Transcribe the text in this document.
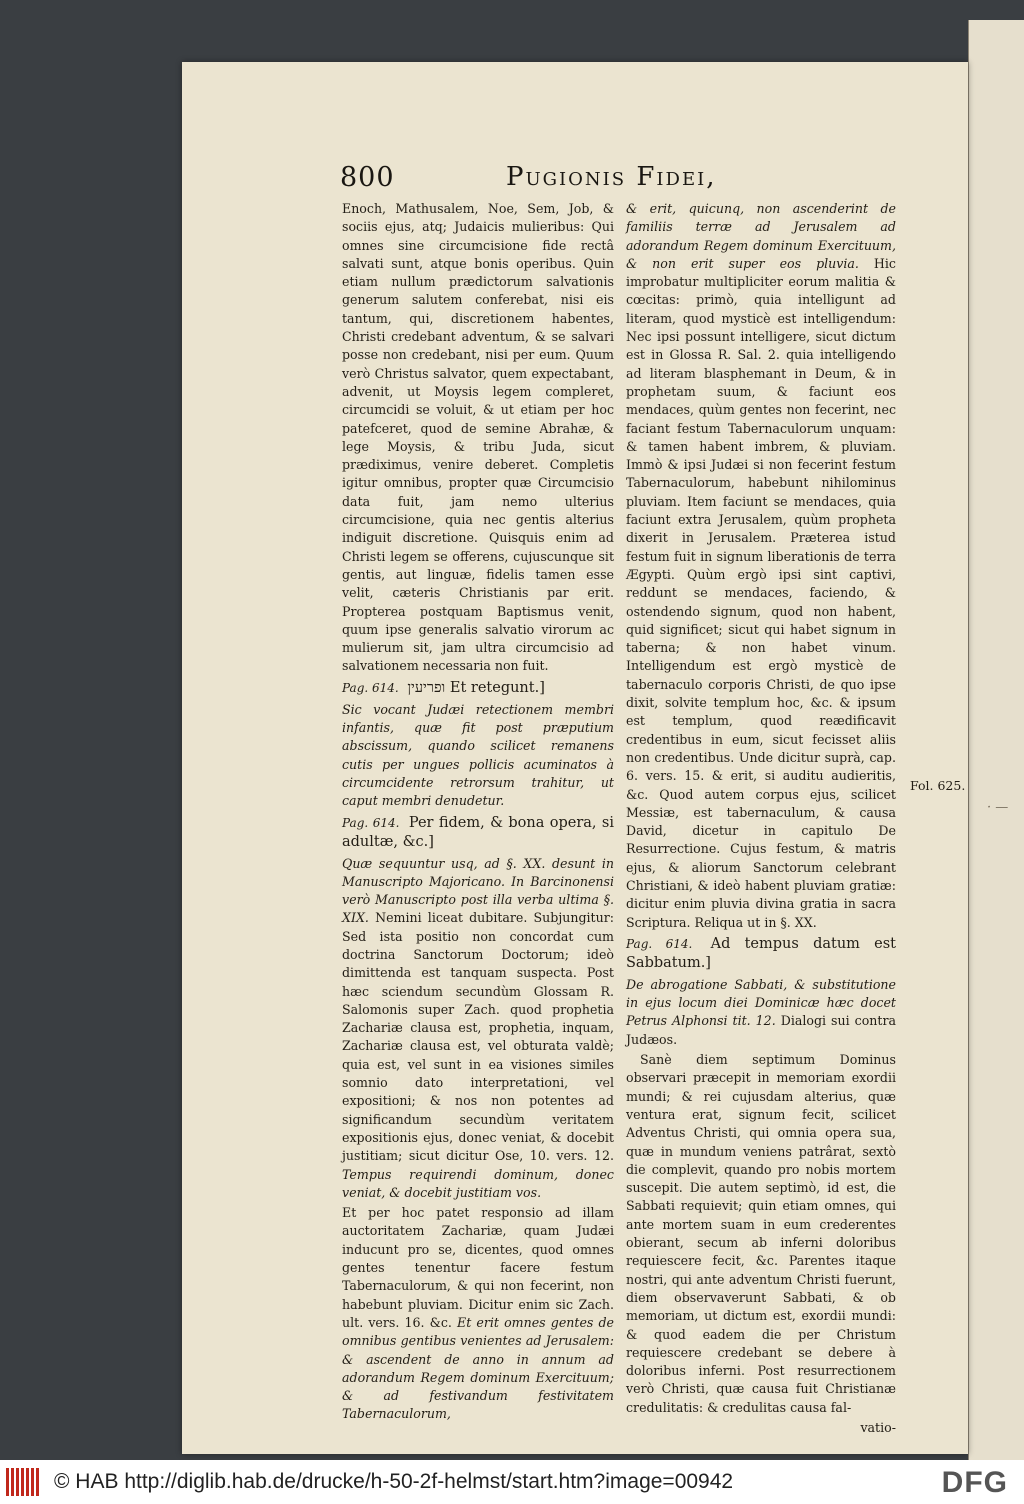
· —
800	Pugionis Fidei,

Enoch, Mathusalem, Noe, Sem, Job, & sociis ejus, atq; Judaicis mulieribus: Qui omnes sine circumcisione fide rectâ salvati sunt, atque bonis operibus. Quin etiam nullum prædictorum salvationis generum salutem conferebat, nisi eis tantum, qui, discretionem habentes, Christi credebant adventum, & se salvari posse non credebant, nisi per eum. Quum verò Christus salvator, quem expectabant, advenit, ut Moysis legem compleret, circumcidi se voluit, & ut etiam per hoc patefceret, quod de semine Abrahæ, & lege Moysis, & tribu Juda, sicut prædiximus, venire deberet. Completis igitur omnibus, propter quæ Circumcisio data fuit, jam nemo ulterius circumcisione, quia nec gentis alterius indiguit discretione. Quisquis enim ad Christi legem se offerens, cujuscunque sit gentis, aut linguæ, fidelis tamen esse velit, cæteris Christianis par erit. Propterea postquam Baptismus venit, quum ipse generalis salvatio virorum ac mulierum sit, jam ultra circumcisio ad salvationem necessaria non fuit.

Pag. 614. ופריעין Et retegunt.]

Sic vocant Judæi retectionem membri infantis, quæ fit post præputium abscissum, quando scilicet remanens cutis per ungues pollicis acuminatos à circumcidente retrorsum trahitur, ut caput membri denudetur.

Pag. 614. Per fidem, & bona opera, si adultæ, &c.]

Quæ sequuntur usq, ad §. XX. desunt in Manuscripto Majoricano. In Barcinonensi verò Manuscripto post illa verba ultima §. XIX. Nemini liceat dubitare. Subjungitur: Sed ista positio non concordat cum doctrina Sanctorum Doctorum; ideò dimittenda est tanquam suspecta. Post hæc sciendum secundùm Glossam R. Salomonis super Zach. quod prophetia Zachariæ clausa est, prophetia, inquam, Zachariæ clausa est, vel obturata valdè; quia est, vel sunt in ea visiones similes somnio dato interpretationi, vel expositioni; & nos non potentes ad significandum secundùm veritatem expositionis ejus, donec veniat, & docebit justitiam; sicut dicitur Ose, 10. vers. 12. Tempus requirendi dominum, donec veniat, & docebit justitiam vos.

Et per hoc patet responsio ad illam auctoritatem Zachariæ, quam Judæi inducunt pro se, dicentes, quod omnes gentes tenentur facere festum Tabernaculorum, & qui non fecerint, non habebunt pluviam. Dicitur enim sic Zach. ult. vers. 16. &c. Et erit omnes gentes de omnibus gentibus venientes ad Jerusalem: & ascendent de anno in annum ad adorandum Regem dominum Exercituum; & ad festivandum festivitatem Tabernaculorum,

& erit, quicunq, non ascenderint de familiis terræ ad Jerusalem ad adorandum Regem dominum Exercituum, & non erit super eos pluvia. Hic improbatur multipliciter eorum malitia & cœcitas: primò, quia intelligunt ad literam, quod mysticè est intelligendum: Nec ipsi possunt intelligere, sicut dictum est in Glossa R. Sal. 2. quia intelligendo ad literam blasphemant in Deum, & in prophetam suum, & faciunt eos mendaces, quùm gentes non fecerint, nec faciant festum Tabernaculorum unquam: & tamen habent imbrem, & pluviam. Immò & ipsi Judæi si non fecerint festum Tabernaculorum, habebunt nihilominus pluviam. Item faciunt se mendaces, quia faciunt extra Jerusalem, quùm propheta dixerit in Jerusalem. Præterea istud festum fuit in signum liberationis de terra Ægypti. Quùm ergò ipsi sint captivi, reddunt se mendaces, faciendo, & ostendendo signum, quod non habent, quid significet; sicut qui habet signum in taberna; & non habet vinum. Intelligendum est ergò mysticè de tabernaculo corporis Christi, de quo ipse dixit, solvite templum hoc, &c. & ipsum est templum, quod reædificavit credentibus in eum, sicut fecisset aliis non credentibus. Unde dicitur suprà, cap. 6. vers. 15. & erit, si auditu audieritis, &c. Quod autem corpus ejus, scilicet Messiæ, est tabernaculum, & causa David, dicetur in capitulo De Resurrectione. Cujus festum, & matris ejus, & aliorum Sanctorum celebrant Christiani, & ideò habent pluviam gratiæ: dicitur enim pluvia divina gratia in sacra Scriptura. Reliqua ut in §. XX.

Pag. 614. Ad tempus datum est Sabbatum.]

De abrogatione Sabbati, & substitutione in ejus locum diei Dominicæ hæc docet Petrus Alphonsi tit. 12. Dialogi sui contra Judæos.

Sanè diem septimum Dominus observari præcepit in memoriam exordii mundi; & rei cujusdam alterius, quæ ventura erat, signum fecit, scilicet Adventus Christi, qui omnia opera sua, quæ in mundum veniens patrârat, sextò die complevit, quando pro nobis mortem suscepit. Die autem septimò, id est, die Sabbati requievit; quin etiam omnes, qui ante mortem suam in eum crederentes obierant, secum ab inferni doloribus requiescere fecit, &c. Parentes itaque nostri, qui ante adventum Christi fuerunt, diem observaverunt Sabbati, & ob memoriam, ut dictum est, exordii mundi: & quod eadem die per Christum requiescere credebant se debere à doloribus inferni. Post resurrectionem verò Christi, quæ causa fuit Christianæ credulitatis: & credulitas causa fal-

vatio-

Fol. 625.
© HAB http://diglib.hab.de/drucke/h-50-2f-helmst/start.htm?image=00942	DFG
